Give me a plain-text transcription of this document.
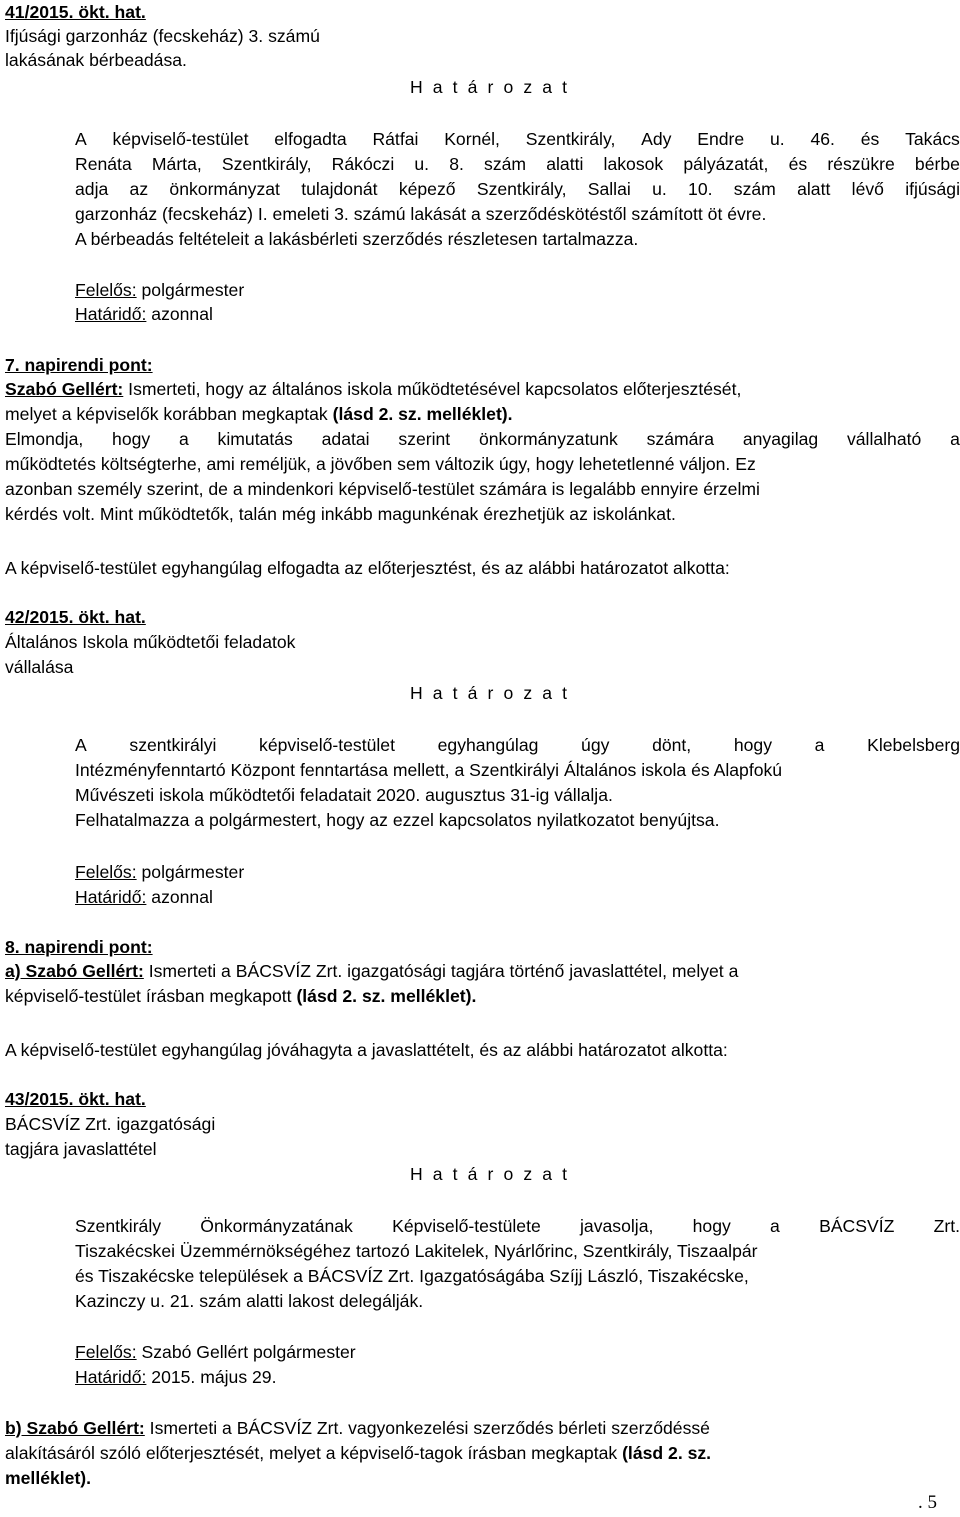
41/2015. ökt. hat.
Ifjúsági garzonház (fecskeház) 3. számú
lakásának bérbeadása.
H a t á r o z a t
A képviselő-testület elfogadta Rátfai Kornél, Szentkirály, Ady Endre u. 46. és Takács
Renáta Márta, Szentkirály, Rákóczi u. 8. szám alatti lakosok pályázatát, és részükre bérbe
adja az önkormányzat tulajdonát képező Szentkirály, Sallai u. 10. szám alatt lévő ifjúsági
garzonház (fecskeház) I. emeleti 3. számú lakását a szerződéskötéstől számított öt évre.
A bérbeadás feltételeit a lakásbérleti szerződés részletesen tartalmazza.
Felelős: polgármester
Határidő: azonnal
7. napirendi pont:
Szabó Gellért: Ismerteti, hogy az általános iskola működtetésével kapcsolatos előterjesztését,
melyet a képviselők korábban megkaptak (lásd 2. sz. melléklet).
Elmondja, hogy a kimutatás adatai szerint önkormányzatunk számára anyagilag vállalható a
működtetés költségterhe, ami reméljük, a jövőben sem változik úgy, hogy lehetetlenné váljon. Ez
azonban személy szerint, de a mindenkori képviselő-testület számára is legalább ennyire érzelmi
kérdés volt. Mint működtetők, talán még inkább magunkénak érezhetjük az iskolánkat.
A képviselő-testület egyhangúlag elfogadta az előterjesztést, és az alábbi határozatot alkotta:
42/2015. ökt. hat.
Általános Iskola működtetői feladatok
vállalása
H a t á r o z a t
A szentkirályi képviselő-testület egyhangúlag úgy dönt, hogy a Klebelsberg
Intézményfenntartó Központ fenntartása mellett, a Szentkirályi Általános iskola és Alapfokú
Művészeti iskola működtetői feladatait 2020. augusztus 31-ig vállalja.
Felhatalmazza a polgármestert, hogy az ezzel kapcsolatos nyilatkozatot benyújtsa.
Felelős: polgármester
Határidő: azonnal
8. napirendi pont:
a) Szabó Gellért: Ismerteti a BÁCSVÍZ Zrt. igazgatósági tagjára történő javaslattétel, melyet a
képviselő-testület írásban megkapott (lásd 2. sz. melléklet).
A képviselő-testület egyhangúlag jóváhagyta a javaslattételt, és az alábbi határozatot alkotta:
43/2015. ökt. hat.
BÁCSVÍZ Zrt. igazgatósági
tagjára javaslattétel
H a t á r o z a t
Szentkirály Önkormányzatának Képviselő-testülete javasolja, hogy a BÁCSVÍZ Zrt.
Tiszakécskei Üzemmérnökségéhez tartozó Lakitelek, Nyárlőrinc, Szentkirály, Tiszaalpár
és Tiszakécske települések a BÁCSVÍZ Zrt. Igazgatóságába Szíjj László, Tiszakécske,
Kazinczy u. 21. szám alatti lakost delegálják.
Felelős: Szabó Gellért polgármester
Határidő: 2015. május 29.
b) Szabó Gellért: Ismerteti a BÁCSVÍZ Zrt. vagyonkezelési szerződés bérleti szerződéssé
alakításáról szóló előterjesztését, melyet a képviselő-tagok írásban megkaptak (lásd 2. sz.
melléklet).
. 5
